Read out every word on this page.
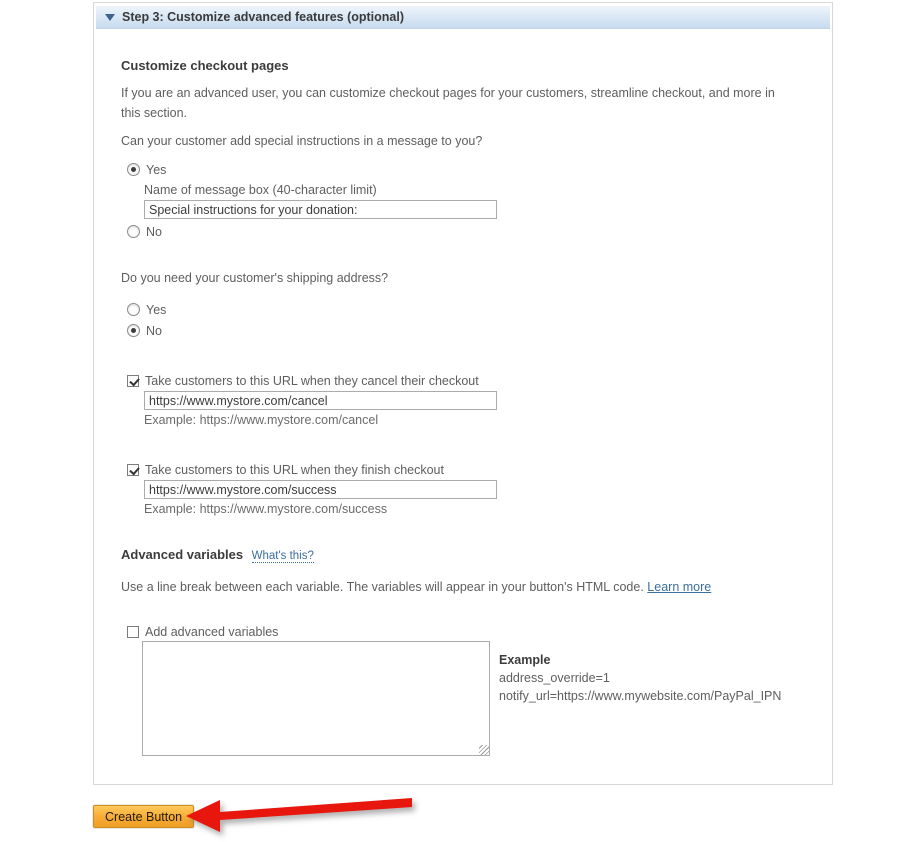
Step 3: Customize advanced features (optional)
Customize checkout pages

If you are an advanced user, you can customize checkout pages for your customers, streamline checkout, and more in this section.

Can your customer add special instructions in a message to you?
Yes
Name of message box (40-character limit)
Special instructions for your donation:
No
Do you need your customer's shipping address?
Yes
No
Take customers to this URL when they cancel their checkout
https://www.mystore.com/cancel
Example: https://www.mystore.com/cancel
Take customers to this URL when they finish checkout
https://www.mystore.com/success
Example: https://www.mystore.com/success
Advanced variables What's this?
Use a line break between each variable. The variables will appear in your button's HTML code. Learn more
Add advanced variables
Example
address_override=1
notify_url=https://www.mywebsite.com/PayPal_IPN
Create Button
